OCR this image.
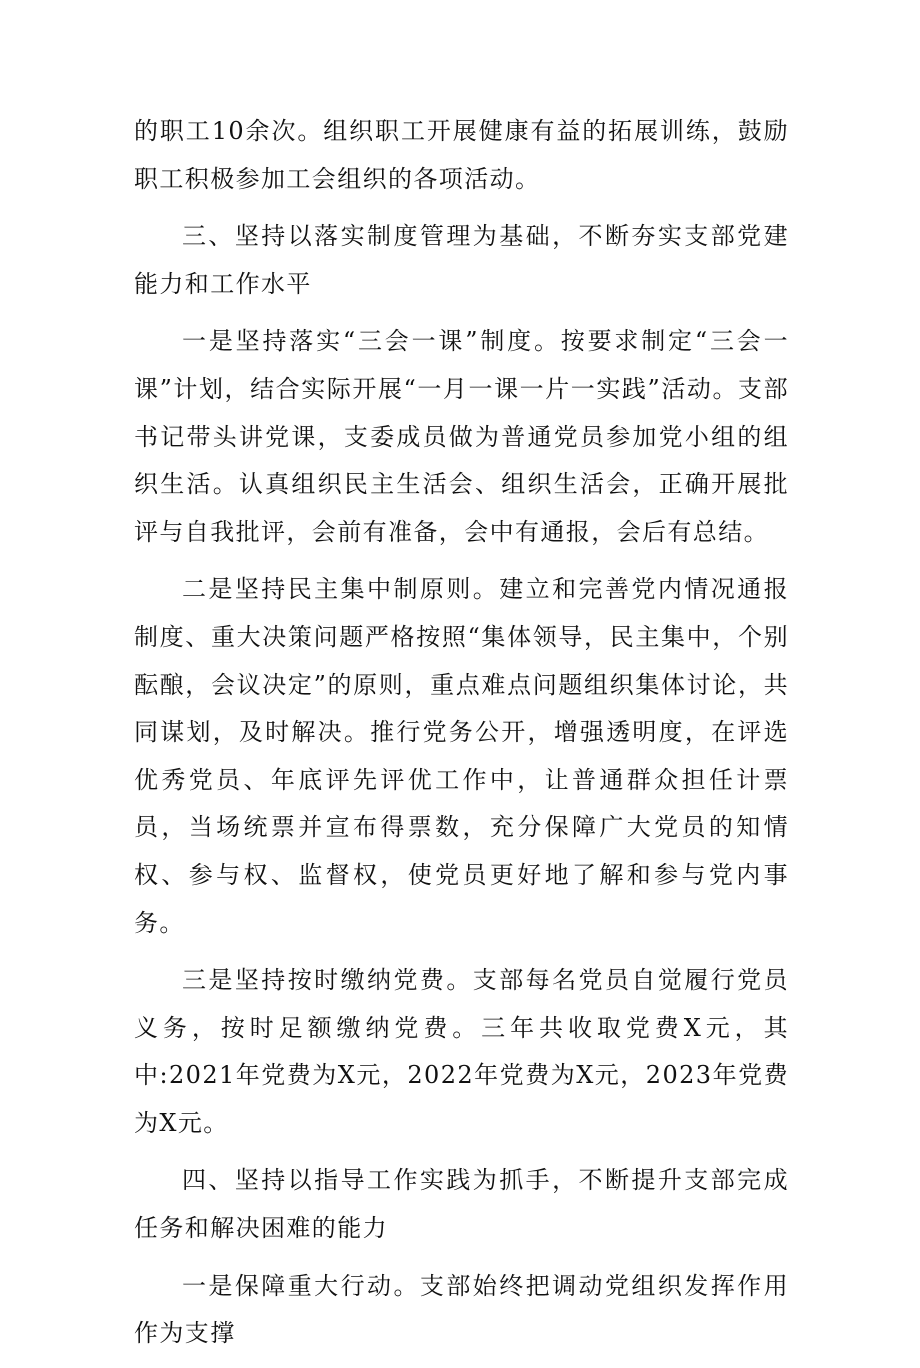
的职工10余次。组织职工开展健康有益的拓展训练，鼓励职工积极参加工会组织的各项活动。

三、坚持以落实制度管理为基础，不断夯实支部党建能力和工作水平

一是坚持落实“三会一课”制度。按要求制定“三会一课”计划，结合实际开展“一月一课一片一实践”活动。支部书记带头讲党课，支委成员做为普通党员参加党小组的组织生活。认真组织民主生活会、组织生活会，正确开展批评与自我批评，会前有准备，会中有通报，会后有总结。

二是坚持民主集中制原则。建立和完善党内情况通报制度、重大决策问题严格按照“集体领导，民主集中，个别酝酿，会议决定”的原则，重点难点问题组织集体讨论，共同谋划，及时解决。推行党务公开，增强透明度，在评选优秀党员、年底评先评优工作中，让普通群众担任计票员，当场统票并宣布得票数，充分保障广大党员的知情权、参与权、监督权，使党员更好地了解和参与党内事务。

三是坚持按时缴纳党费。支部每名党员自觉履行党员义务，按时足额缴纳党费。三年共收取党费X元，其中:2021年党费为X元，2022年党费为X元，2023年党费为X元。

四、坚持以指导工作实践为抓手，不断提升支部完成任务和解决困难的能力

一是保障重大行动。支部始终把调动党组织发挥作用作为支撑
